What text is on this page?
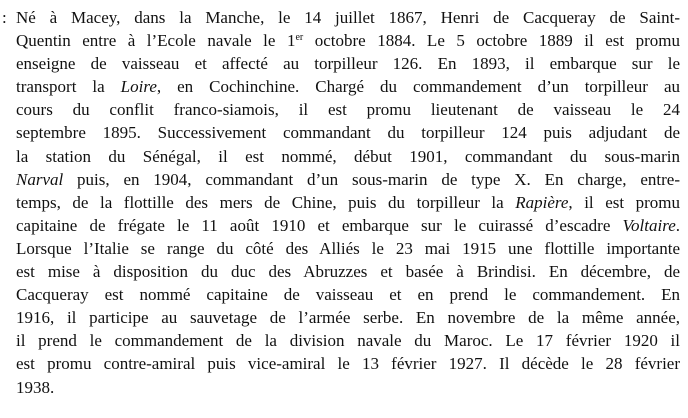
: Né à Macey, dans la Manche, le 14 juillet 1867, Henri de Cacqueray de Saint-
Quentin entre à l’Ecole navale le 1er octobre 1884. Le 5 octobre 1889 il est promu
enseigne de vaisseau et affecté au torpilleur 126. En 1893, il embarque sur le
transport la Loire, en Cochinchine. Chargé du commandement d’un torpilleur au
cours du conflit franco-siamois, il est promu lieutenant de vaisseau le 24
septembre 1895. Successivement commandant du torpilleur 124 puis adjudant de
la station du Sénégal, il est nommé, début 1901, commandant du sous-marin
Narval puis, en 1904, commandant d’un sous-marin de type X. En charge, entre-
temps, de la flottille des mers de Chine, puis du torpilleur la Rapière, il est promu
capitaine de frégate le 11 août 1910 et embarque sur le cuirassé d’escadre Voltaire.
Lorsque l’Italie se range du côté des Alliés le 23 mai 1915 une flottille importante
est mise à disposition du duc des Abruzzes et basée à Brindisi. En décembre, de
Cacqueray est nommé capitaine de vaisseau et en prend le commandement. En
1916, il participe au sauvetage de l’armée serbe. En novembre de la même année,
il prend le commandement de la division navale du Maroc. Le 17 février 1920 il
est promu contre-amiral puis vice-amiral le 13 février 1927. Il décède le 28 février
1938.
